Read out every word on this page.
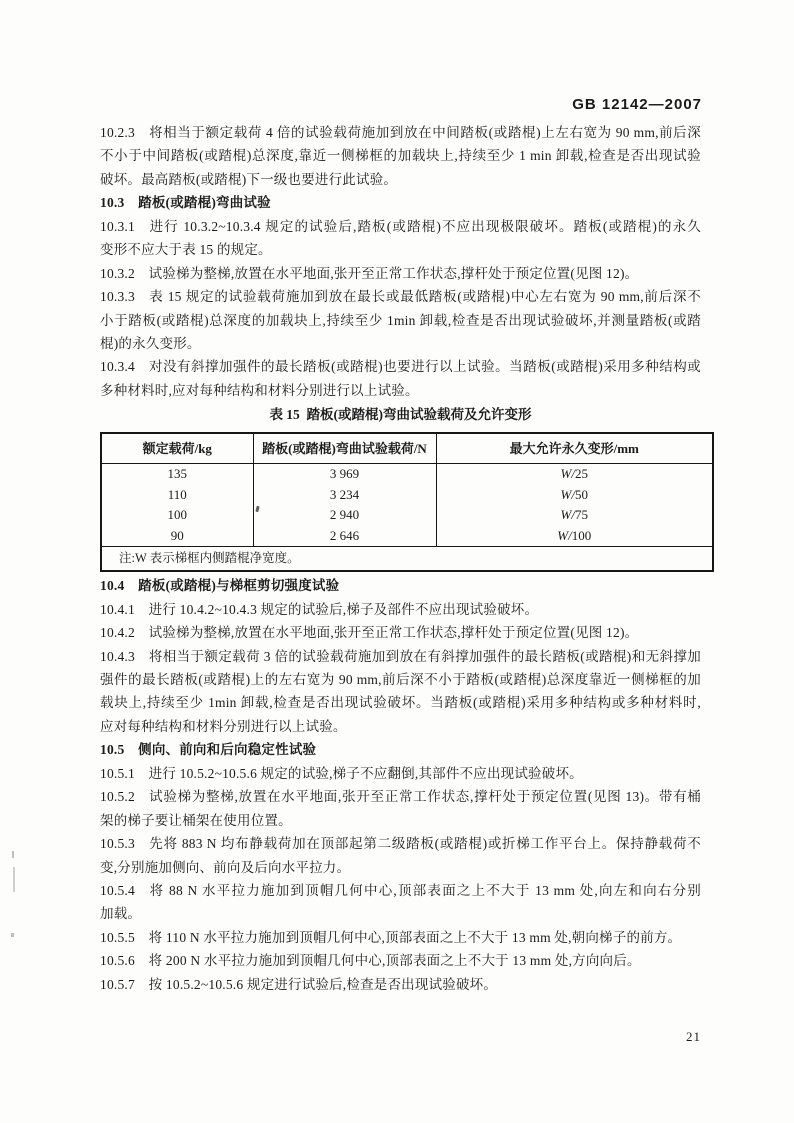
GB 12142—2007
10.2.3 将相当于额定载荷 4 倍的试验载荷施加到放在中间踏板(或踏棍)上左右宽为 90 mm,前后深
不小于中间踏板(或踏棍)总深度,靠近一侧梯框的加载块上,持续至少 1 min 卸载,检查是否出现试验
破坏。最高踏板(或踏棍)下一级也要进行此试验。
10.3 踏板(或踏棍)弯曲试验
10.3.1 进行 10.3.2~10.3.4 规定的试验后,踏板(或踏棍)不应出现极限破坏。踏板(或踏棍)的永久
变形不应大于表 15 的规定。
10.3.2 试验梯为整梯,放置在水平地面,张开至正常工作状态,撑杆处于预定位置(见图 12)。
10.3.3 表 15 规定的试验载荷施加到放在最长或最低踏板(或踏棍)中心左右宽为 90 mm,前后深不
小于踏板(或踏棍)总深度的加载块上,持续至少 1min 卸载,检查是否出现试验破坏,并测量踏板(或踏
棍)的永久变形。
10.3.4 对没有斜撑加强件的最长踏板(或踏棍)也要进行以上试验。当踏板(或踏棍)采用多种结构或
多种材料时,应对每种结构和材料分别进行以上试验。
表 15 踏板(或踏棍)弯曲试验载荷及允许变形
额定载荷/kg	踏板(或踏棍)弯曲试验载荷/N	最大允许永久变形/mm
135	3 969	W/25
110	3 234	W/50
100	2 940	W/75
90	2 646	W/100
注:W 表示梯框内侧踏棍净宽度。		
10.4 踏板(或踏棍)与梯框剪切强度试验
10.4.1 进行 10.4.2~10.4.3 规定的试验后,梯子及部件不应出现试验破坏。
10.4.2 试验梯为整梯,放置在水平地面,张开至正常工作状态,撑杆处于预定位置(见图 12)。
10.4.3 将相当于额定载荷 3 倍的试验载荷施加到放在有斜撑加强件的最长踏板(或踏棍)和无斜撑加
强件的最长踏板(或踏棍)上的左右宽为 90 mm,前后深不小于踏板(或踏棍)总深度靠近一侧梯框的加
载块上,持续至少 1min 卸载,检查是否出现试验破坏。当踏板(或踏棍)采用多种结构或多种材料时,
应对每种结构和材料分别进行以上试验。
10.5 侧向、前向和后向稳定性试验
10.5.1 进行 10.5.2~10.5.6 规定的试验,梯子不应翻倒,其部件不应出现试验破坏。
10.5.2 试验梯为整梯,放置在水平地面,张开至正常工作状态,撑杆处于预定位置(见图 13)。带有桶
架的梯子要让桶架在使用位置。
10.5.3 先将 883 N 均布静载荷加在顶部起第二级踏板(或踏棍)或折梯工作平台上。保持静载荷不
变,分别施加侧向、前向及后向水平拉力。
10.5.4 将 88 N 水平拉力施加到顶帽几何中心,顶部表面之上不大于 13 mm 处,向左和向右分别
加载。
10.5.5 将 110 N 水平拉力施加到顶帽几何中心,顶部表面之上不大于 13 mm 处,朝向梯子的前方。
10.5.6 将 200 N 水平拉力施加到顶帽几何中心,顶部表面之上不大于 13 mm 处,方向向后。
10.5.7 按 10.5.2~10.5.6 规定进行试验后,检查是否出现试验破坏。
21
